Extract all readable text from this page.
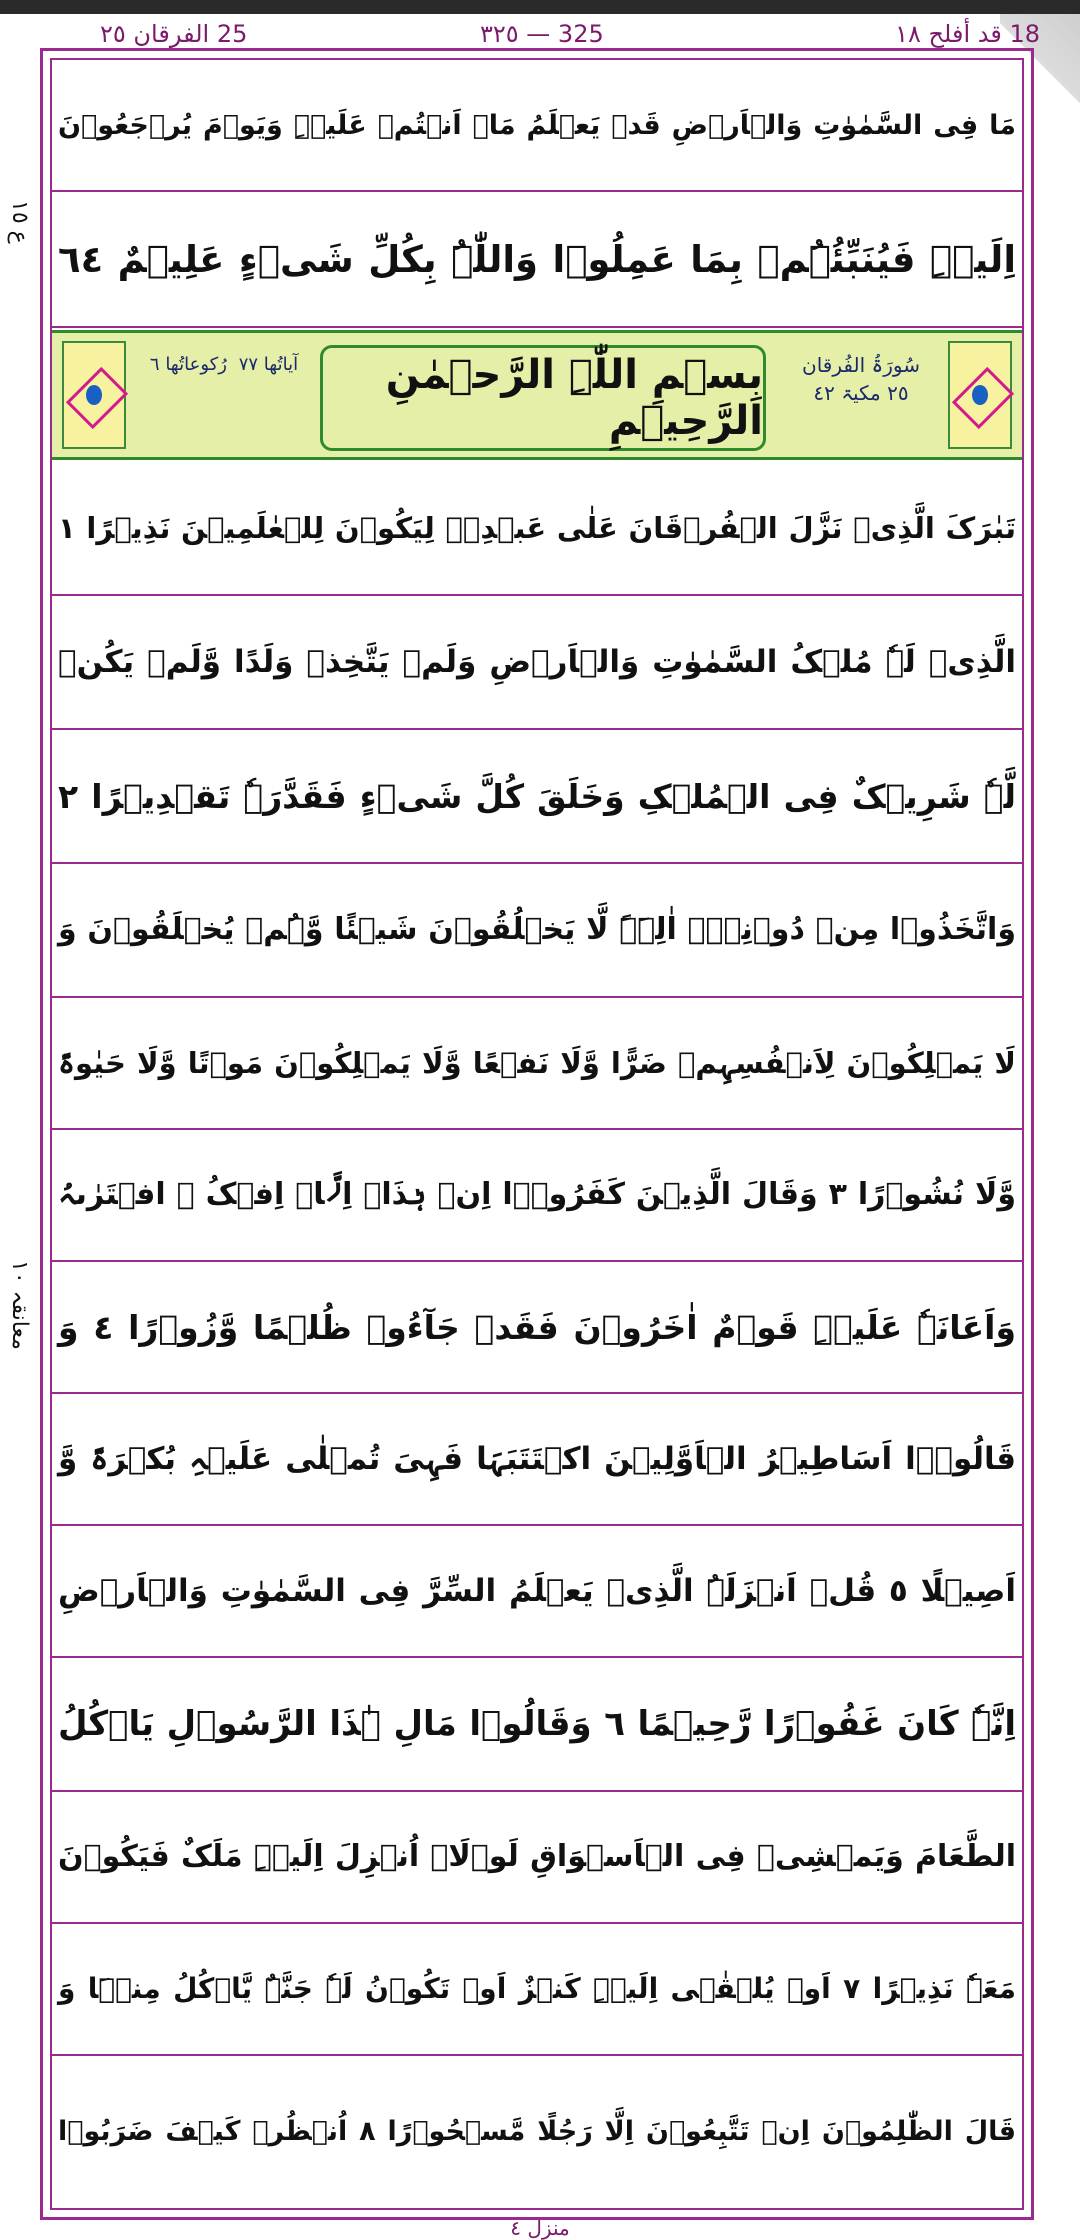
18 قد أفلح ١٨
٣٢٥ — 325
25 الفرقان ٢٥
ع ١٥
معانقہ ١٠
مَا فِی السَّمٰوٰتِ وَالۡاَرۡضِ قَدۡ یَعۡلَمُ مَاۤ اَنۡتُمۡ عَلَیۡہِ وَیَوۡمَ یُرۡجَعُوۡنَ
اِلَیۡہِ فَیُنَبِّئُہُمۡ بِمَا عَمِلُوۡا وَاللّٰہُ بِکُلِّ شَیۡءٍ عَلِیۡمٌ ٦٤
آیاتُھا ٧٧
رُکوعاتُھا ٦	بِسۡمِ اللّٰہِ الرَّحۡمٰنِ الرَّحِیۡمِ
سُورَۃُ الفُرقان
٢٥ مکیۃ ٤٢
تَبٰرَکَ الَّذِیۡ نَزَّلَ الۡفُرۡقَانَ عَلٰی عَبۡدِہٖ لِیَکُوۡنَ لِلۡعٰلَمِیۡنَ نَذِیۡرًا ١
الَّذِیۡ لَہٗ مُلۡکُ السَّمٰوٰتِ وَالۡاَرۡضِ وَلَمۡ یَتَّخِذۡ وَلَدًا وَّلَمۡ یَکُنۡ
لَّہٗ شَرِیۡکٌ فِی الۡمُلۡکِ وَخَلَقَ کُلَّ شَیۡءٍ فَقَدَّرَہٗ تَقۡدِیۡرًا ٢
وَاتَّخَذُوۡا مِنۡ دُوۡنِہٖۤ اٰلِہَۃً لَّا یَخۡلُقُوۡنَ شَیۡئًا وَّہُمۡ یُخۡلَقُوۡنَ وَ
لَا یَمۡلِکُوۡنَ لِاَنۡفُسِہِمۡ ضَرًّا وَّلَا نَفۡعًا وَّلَا یَمۡلِکُوۡنَ مَوۡتًا وَّلَا حَیٰوۃً
وَّلَا نُشُوۡرًا ٣ وَقَالَ الَّذِیۡنَ کَفَرُوۡۤا اِنۡ ہٰذَاۤ اِلَّاۤ اِفۡکُ ۣ افۡتَرٰىہُ
وَاَعَانَہٗ عَلَیۡہِ قَوۡمٌ اٰخَرُوۡنَ فَقَدۡ جَآءُوۡ ظُلۡمًا وَّزُوۡرًا ٤ وَ
قَالُوۡۤا اَسَاطِیۡرُ الۡاَوَّلِیۡنَ اکۡتَتَبَہَا فَہِیَ تُمۡلٰی عَلَیۡہِ بُکۡرَۃً وَّ
اَصِیۡلًا ٥ قُلۡ اَنۡزَلَہُ الَّذِیۡ یَعۡلَمُ السِّرَّ فِی السَّمٰوٰتِ وَالۡاَرۡضِ
اِنَّہٗ کَانَ غَفُوۡرًا رَّحِیۡمًا ٦ وَقَالُوۡا مَالِ ہٰذَا الرَّسُوۡلِ یَاۡکُلُ
الطَّعَامَ وَیَمۡشِیۡ فِی الۡاَسۡوَاقِ لَوۡلَاۤ اُنۡزِلَ اِلَیۡہِ مَلَکٌ فَیَکُوۡنَ
مَعَہٗ نَذِیۡرًا ٧ اَوۡ یُلۡقٰۤی اِلَیۡہِ کَنۡزٌ اَوۡ تَکُوۡنُ لَہٗ جَنَّۃٌ یَّاۡکُلُ مِنۡہَا وَ
قَالَ الظّٰلِمُوۡنَ اِنۡ تَتَّبِعُوۡنَ اِلَّا رَجُلًا مَّسۡحُوۡرًا ٨ اُنۡظُرۡ کَیۡفَ ضَرَبُوۡا
منزل ٤
